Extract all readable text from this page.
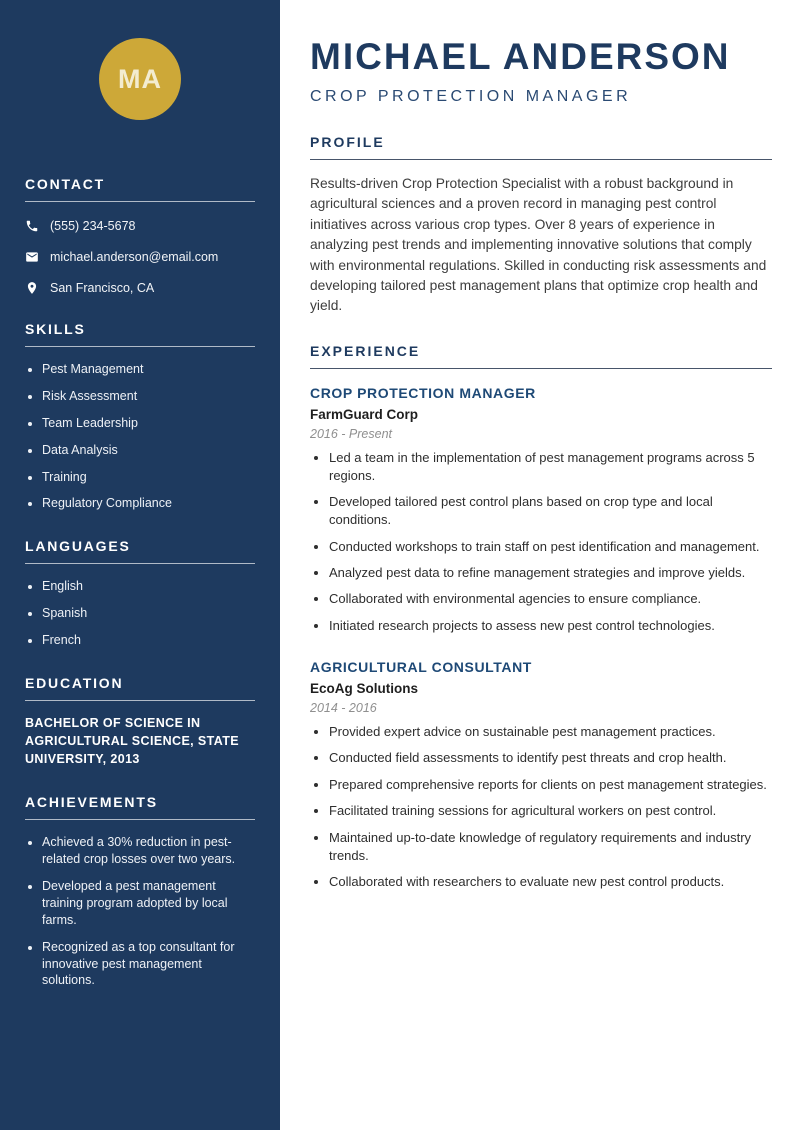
MA
CONTACT
(555) 234-5678
michael.anderson@email.com
San Francisco, CA
SKILLS
• Pest Management
• Risk Assessment
• Team Leadership
• Data Analysis
• Training
• Regulatory Compliance
LANGUAGES
• English
• Spanish
• French
EDUCATION
BACHELOR OF SCIENCE IN AGRICULTURAL SCIENCE, STATE UNIVERSITY, 2013
ACHIEVEMENTS
• Achieved a 30% reduction in pest-related crop losses over two years.
• Developed a pest management training program adopted by local farms.
• Recognized as a top consultant for innovative pest management solutions.
MICHAEL ANDERSON
CROP PROTECTION MANAGER
PROFILE

Results-driven Crop Protection Specialist with a robust background in agricultural sciences and a proven record in managing pest control initiatives across various crop types. Over 8 years of experience in analyzing pest trends and implementing innovative solutions that comply with environmental regulations. Skilled in conducting risk assessments and developing tailored pest management plans that optimize crop health and yield.

EXPERIENCE
CROP PROTECTION MANAGER
FarmGuard Corp
2016 - Present
• Led a team in the implementation of pest management programs across 5 regions.
• Developed tailored pest control plans based on crop type and local conditions.
• Conducted workshops to train staff on pest identification and management.
• Analyzed pest data to refine management strategies and improve yields.
• Collaborated with environmental agencies to ensure compliance.
• Initiated research projects to assess new pest control technologies.
AGRICULTURAL CONSULTANT
EcoAg Solutions
2014 - 2016
• Provided expert advice on sustainable pest management practices.
• Conducted field assessments to identify pest threats and crop health.
• Prepared comprehensive reports for clients on pest management strategies.
• Facilitated training sessions for agricultural workers on pest control.
• Maintained up-to-date knowledge of regulatory requirements and industry trends.
• Collaborated with researchers to evaluate new pest control products.
